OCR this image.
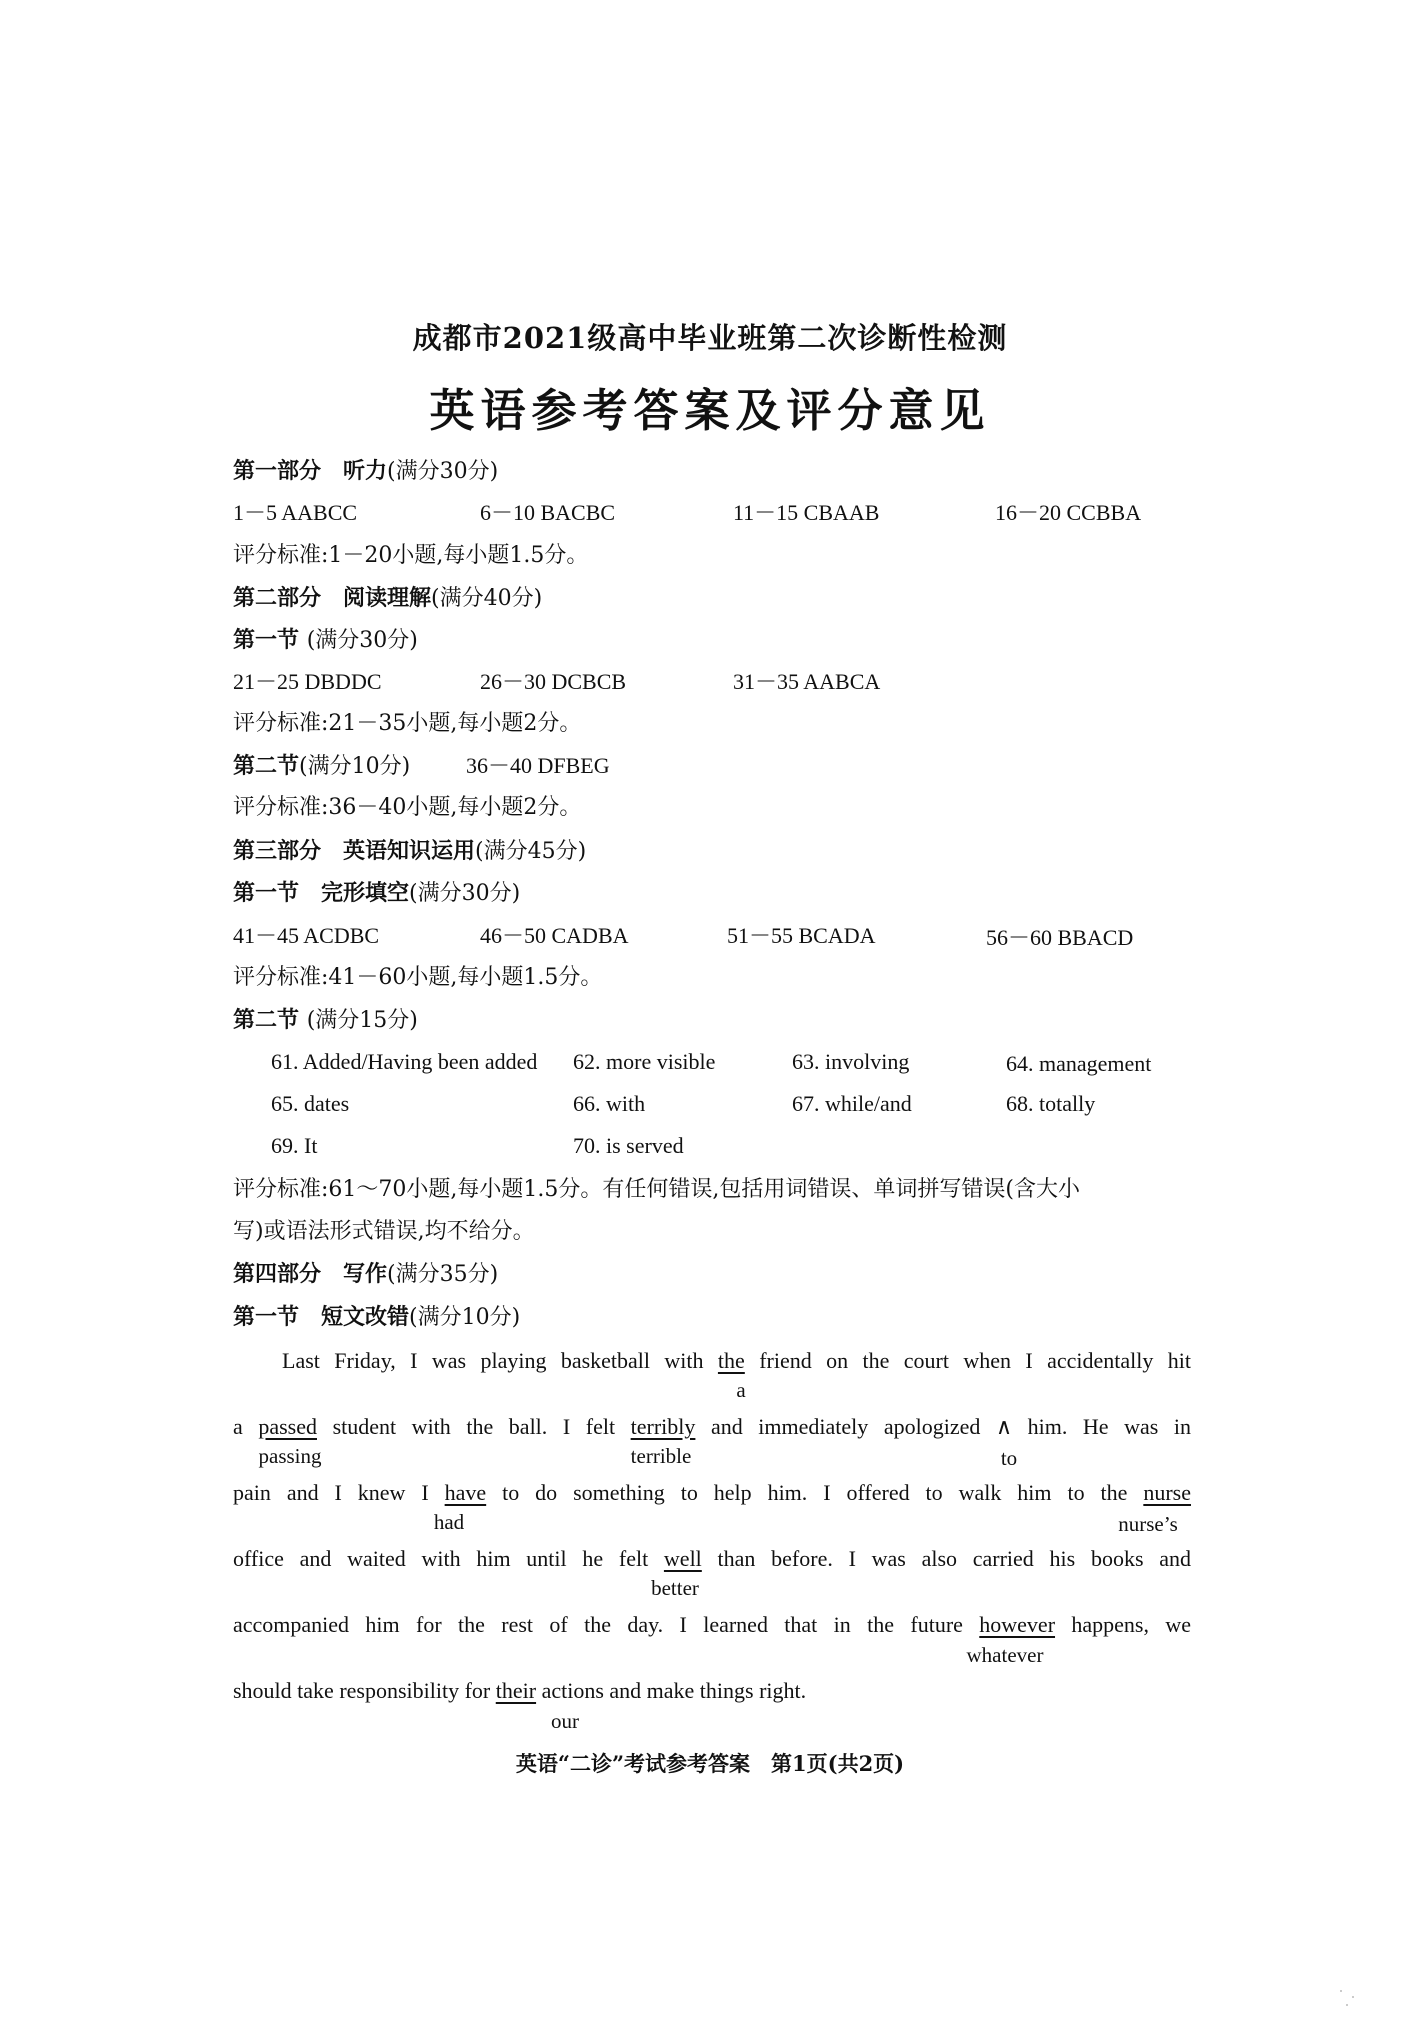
成都市2021级高中毕业班第二次诊断性检测
英语参考答案及评分意见
第一部分　听力(满分30分)
1－5 AABCC	6－10 BACBC	11－15 CBAAB	16－20 CCBBA
评分标准:1－20小题,每小题1.5分。
第二部分　阅读理解(满分40分)
第一节 (满分30分)
21－25 DBDDC	26－30 DCBCB	31－35 AABCA
评分标准:21－35小题,每小题2分。
第二节(满分10分)	36－40 DFBEG
评分标准:36－40小题,每小题2分。
第三部分　英语知识运用(满分45分)
第一节　完形填空(满分30分)
41－45 ACDBC	46－50 CADBA	51－55 BCADA	56－60 BBACD
评分标准:41－60小题,每小题1.5分。
第二节 (满分15分)
61. Added/Having been added 62. more visible	63. involving	64. management
65. dates	66. with	67. while/and	68. totally
69. It	70. is served
评分标准:61～70小题,每小题1.5分。有任何错误,包括用词错误、单词拼写错误(含大小
写)或语法形式错误,均不给分。
第四部分　写作(满分35分)
第一节　短文改错(满分10分)
Last Friday, I was playing basketball with the friend on the court when I accidentally hit
a passed student with the ball. I felt terribly and immediately apologized ∧ him. He was in
pain and I knew I have to do something to help him. I offered to walk him to the nurse
office and waited with him until he felt well than before. I was also carried his books and
accompanied him for the rest of the day. I learned that in the future however happens, we
should take responsibility for their actions and make things right.
a
passing	terrible	to
had	nurse’s
better
whatever
our
英语“二诊”考试参考答案　第1页(共2页)
